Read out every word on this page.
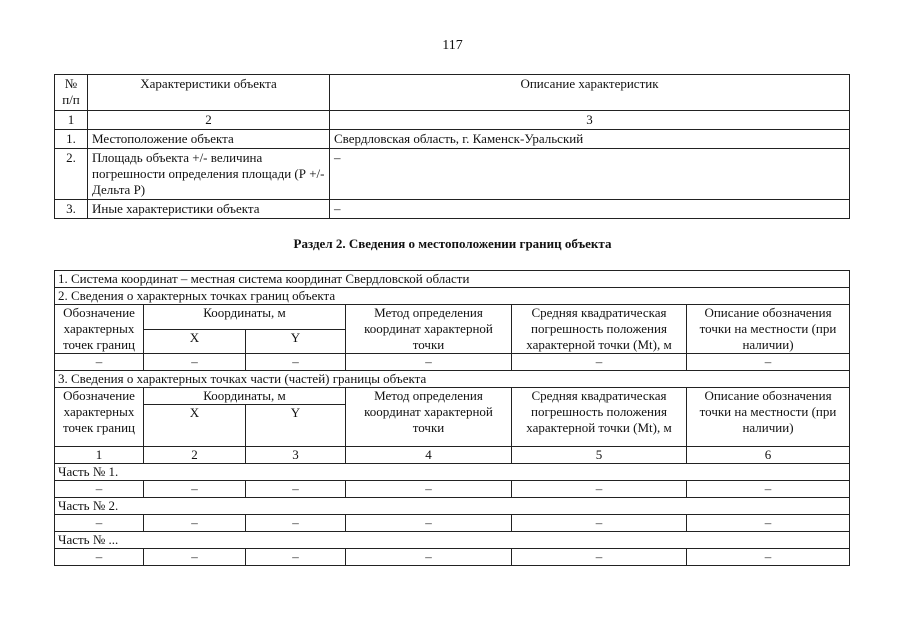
117
№ п/п	Характеристики объекта	Описание характеристик
1	2	3
1.	Местоположение объекта	Свердловская область, г. Каменск-Уральский
2.	Площадь объекта +/- величина погрешности определения площади (Р +/- Дельта Р)	–
3.	Иные характеристики объекта	–
Раздел 2. Сведения о местоположении границ объекта
1. Система координат – местная система координат Свердловской области					
2. Сведения о характерных точках границ объекта					
Обозначение характерных точек границ	Координаты, м		Метод определения координат характерной точки	Средняя квадратическая погрешность положения характерной точки (Mt), м	Описание обозначения точки на местности (при наличии)
	X	Y			
–	–	–	–	–	–
3. Сведения о характерных точках части (частей) границы объекта					
Обозначение характерных точек границ	Координаты, м		Метод определения координат характерной точки	Средняя квадратическая погрешность положения характерной точки (Mt), м	Описание обозначения точки на местности (при наличии)
	X	Y			
1	2	3	4	5	6
Часть № 1.					
–	–	–	–	–	–
Часть № 2.					
–	–	–	–	–	–
Часть № ...					
–	–	–	–	–	–
